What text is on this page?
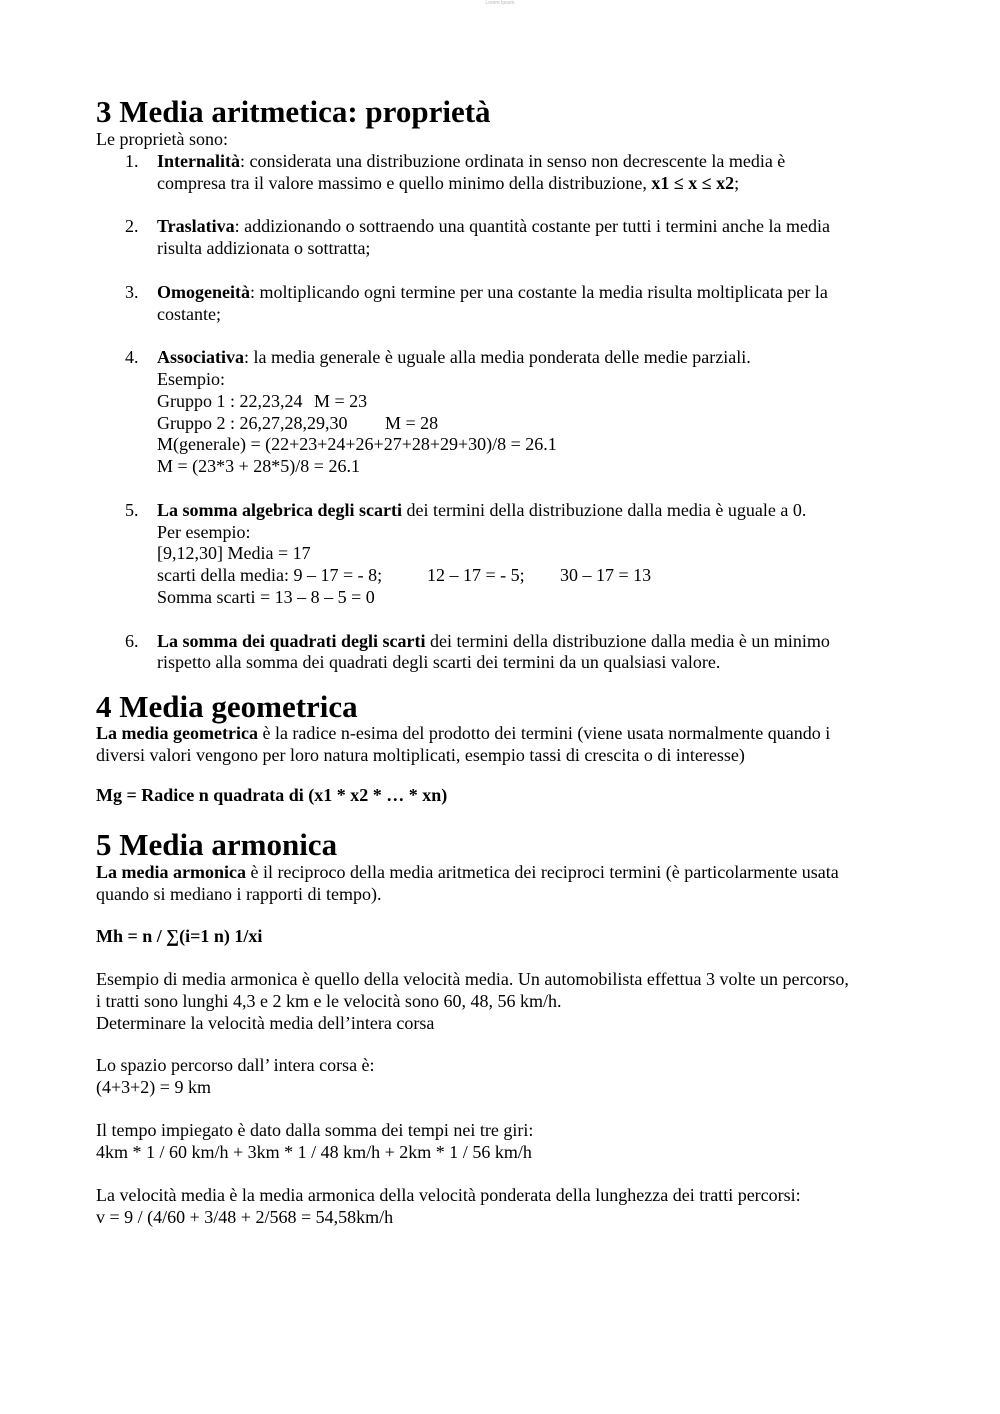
Lorem Ipsum
3 Media aritmetica: proprietà

Le proprietà sono:

1. Internalità: considerata una distribuzione ordinata in senso non decrescente la media è
compresa tra il valore massimo e quello minimo della distribuzione, x1 ≤ x ≤ x2;
2. Traslativa: addizionando o sottraendo una quantità costante per tutti i termini anche la media
risulta addizionata o sottratta;
3. Omogeneità: moltiplicando ogni termine per una costante la media risulta moltiplicata per la
costante;
4. Associativa: la media generale è uguale alla media ponderata delle medie parziali.
Esempio:
Gruppo 1 : 22,23,24 M = 23
Gruppo 2 : 26,27,28,29,30 M = 28
M(generale) = (22+23+24+26+27+28+29+30)/8 = 26.1
M = (23*3 + 28*5)/8 = 26.1
5. La somma algebrica degli scarti dei termini della distribuzione dalla media è uguale a 0.
Per esempio:
[9,12,30] Media = 17
scarti della media: 9 – 17 = - 8; 12 – 17 = - 5; 30 – 17 = 13
Somma scarti = 13 – 8 – 5 = 0
6. La somma dei quadrati degli scarti dei termini della distribuzione dalla media è un minimo
rispetto alla somma dei quadrati degli scarti dei termini da un qualsiasi valore.
4 Media geometrica

La media geometrica è la radice n-esima del prodotto dei termini (viene usata normalmente quando i
diversi valori vengono per loro natura moltiplicati, esempio tassi di crescita o di interesse)

Mg = Radice n quadrata di (x1 * x2 * … * xn)

5 Media armonica

La media armonica è il reciproco della media aritmetica dei reciproci termini (è particolarmente usata
quando si mediano i rapporti di tempo).

Mh = n / ∑(i=1 n) 1/xi

Esempio di media armonica è quello della velocità media. Un automobilista effettua 3 volte un percorso,
i tratti sono lunghi 4,3 e 2 km e le velocità sono 60, 48, 56 km/h.
Determinare la velocità media dell’intera corsa

Lo spazio percorso dall’ intera corsa è:
(4+3+2) = 9 km

Il tempo impiegato è dato dalla somma dei tempi nei tre giri:
4km * 1 / 60 km/h + 3km * 1 / 48 km/h + 2km * 1 / 56 km/h

La velocità media è la media armonica della velocità ponderata della lunghezza dei tratti percorsi:
v = 9 / (4/60 + 3/48 + 2/568 = 54,58km/h
